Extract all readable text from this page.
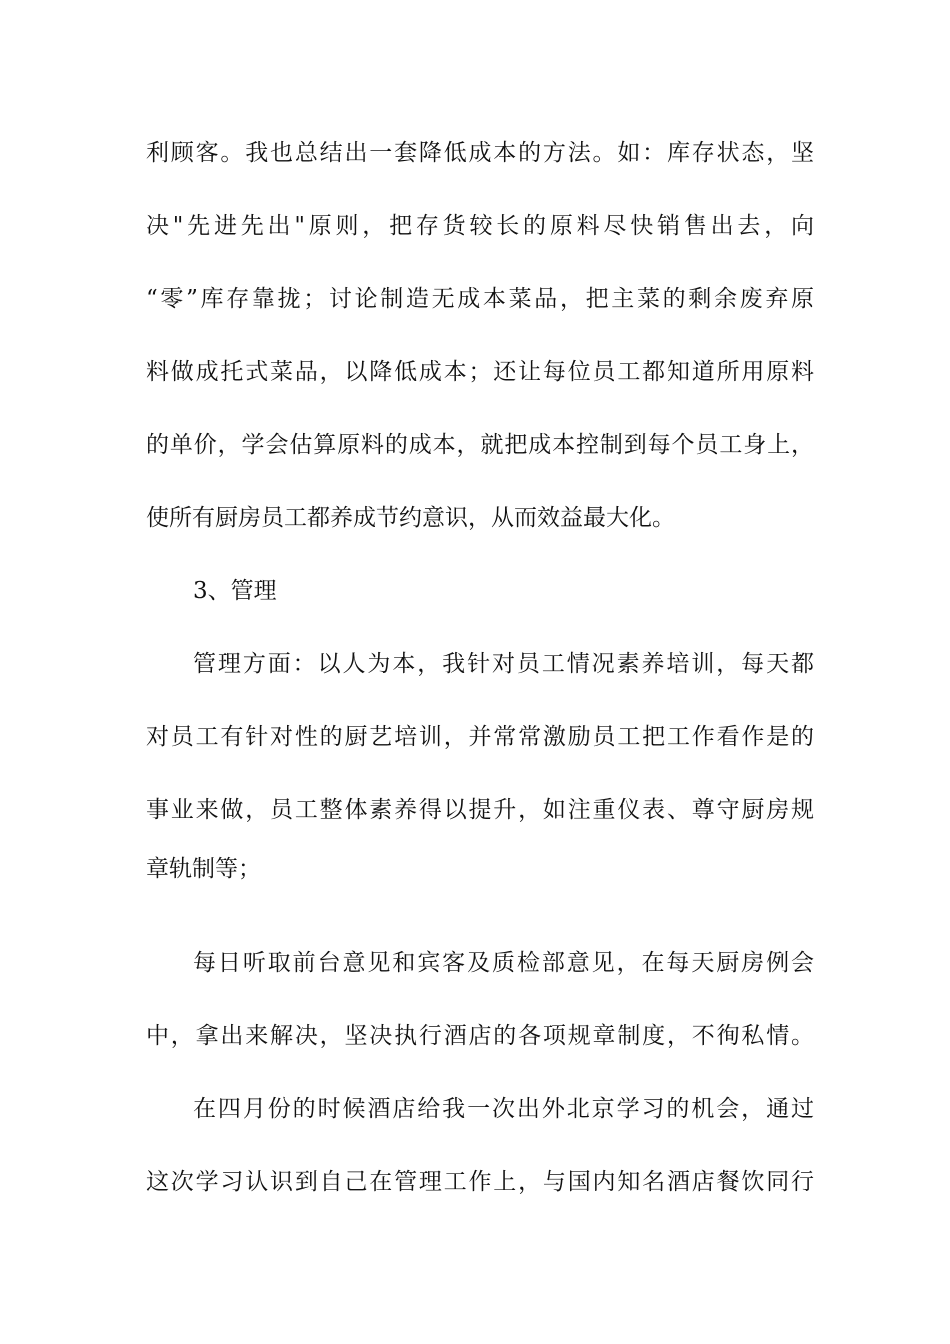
利顾客。我也总结出一套降低成本的方法。如：库存状态，坚
决"先进先出"原则，把存货较长的原料尽快销售出去，向
“零”库存靠拢；讨论制造无成本菜品，把主菜的剩余废弃原
料做成托式菜品，以降低成本；还让每位员工都知道所用原料
的单价，学会估算原料的成本，就把成本控制到每个员工身上，
使所有厨房员工都养成节约意识，从而效益最大化。
3、管理
管理方面：以人为本，我针对员工情况素养培训，每天都
对员工有针对性的厨艺培训，并常常激励员工把工作看作是的
事业来做，员工整体素养得以提升，如注重仪表、尊守厨房规
章轨制等；
每日听取前台意见和宾客及质检部意见，在每天厨房例会
中，拿出来解决，坚决执行酒店的各项规章制度，不徇私情。
在四月份的时候酒店给我一次出外北京学习的机会，通过
这次学习认识到自己在管理工作上，与国内知名酒店餐饮同行
